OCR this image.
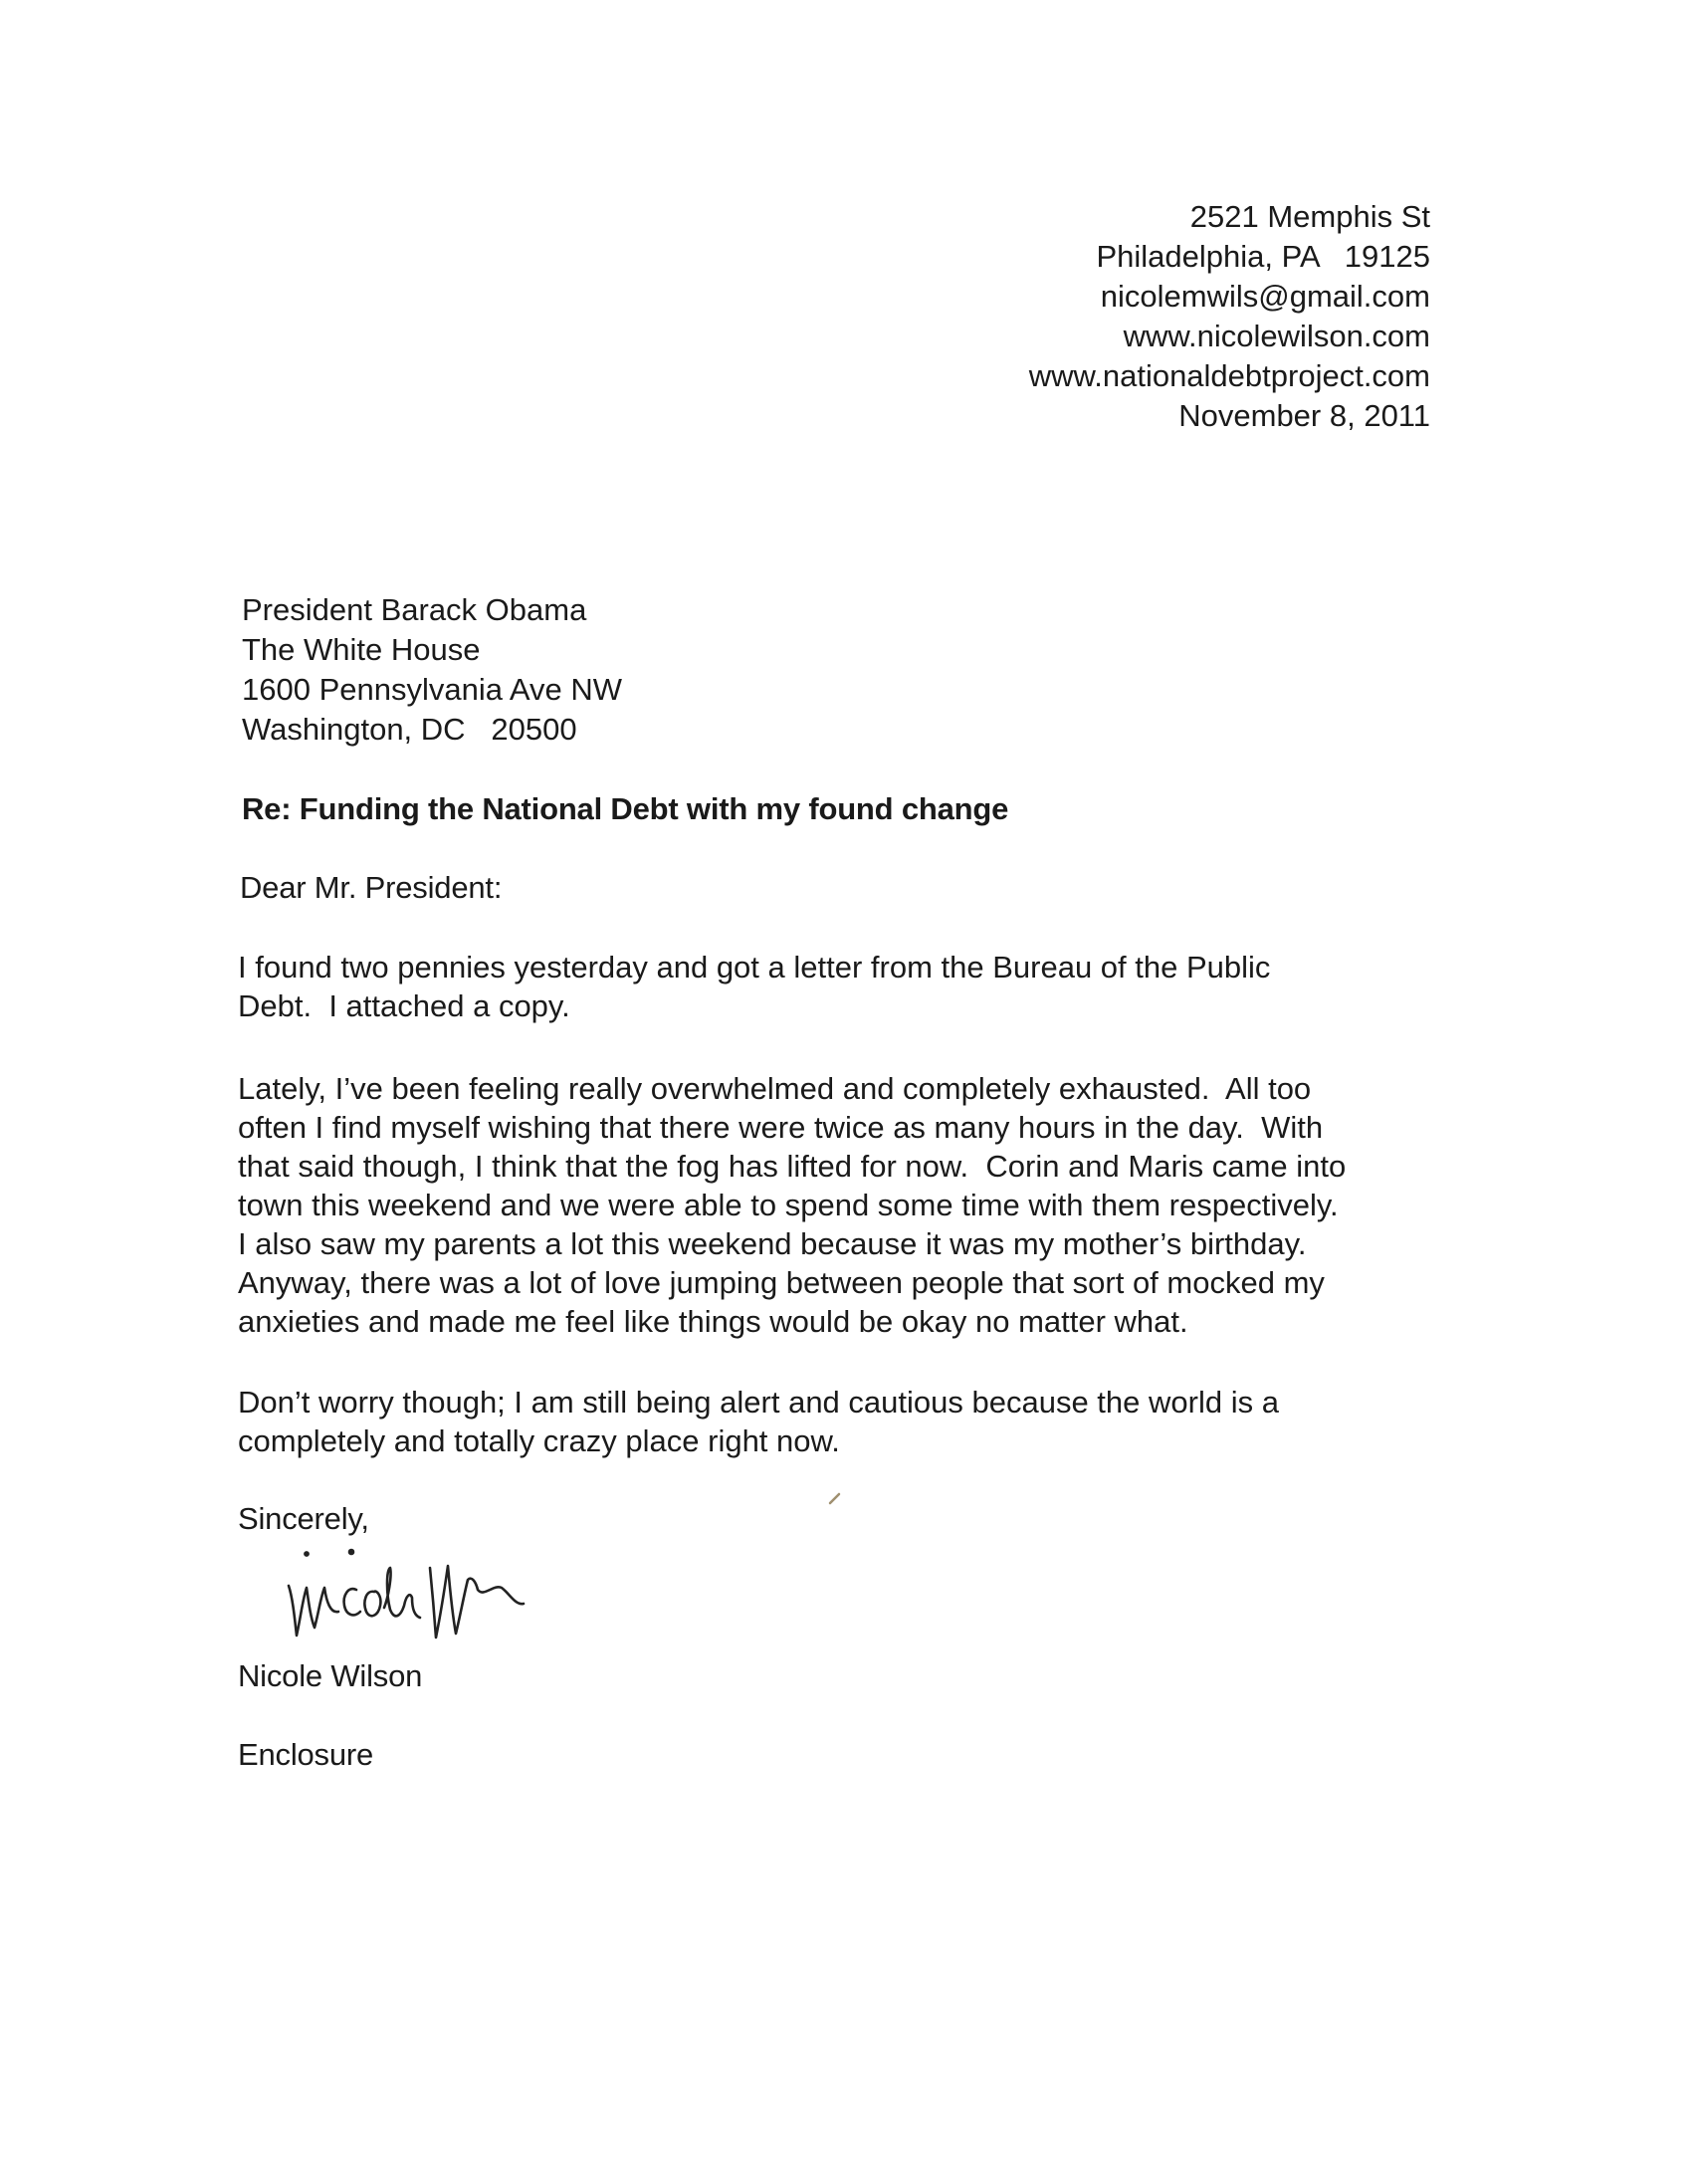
2521 Memphis St
Philadelphia, PA   19125
nicolemwils@gmail.com
www.nicolewilson.com
www.nationaldebtproject.com
November 8, 2011
President Barack Obama
The White House
1600 Pennsylvania Ave NW
Washington, DC   20500
Re: Funding the National Debt with my found change
Dear Mr. President:
I found two pennies yesterday and got a letter from the Bureau of the Public
Debt.  I attached a copy.
Lately, I’ve been feeling really overwhelmed and completely exhausted.  All too
often I find myself wishing that there were twice as many hours in the day.  With
that said though, I think that the fog has lifted for now.  Corin and Maris came into
town this weekend and we were able to spend some time with them respectively.
I also saw my parents a lot this weekend because it was my mother’s birthday.
Anyway, there was a lot of love jumping between people that sort of mocked my
anxieties and made me feel like things would be okay no matter what.
Don’t worry though; I am still being alert and cautious because the world is a
completely and totally crazy place right now.
Sincerely,
Nicole Wilson
Enclosure
